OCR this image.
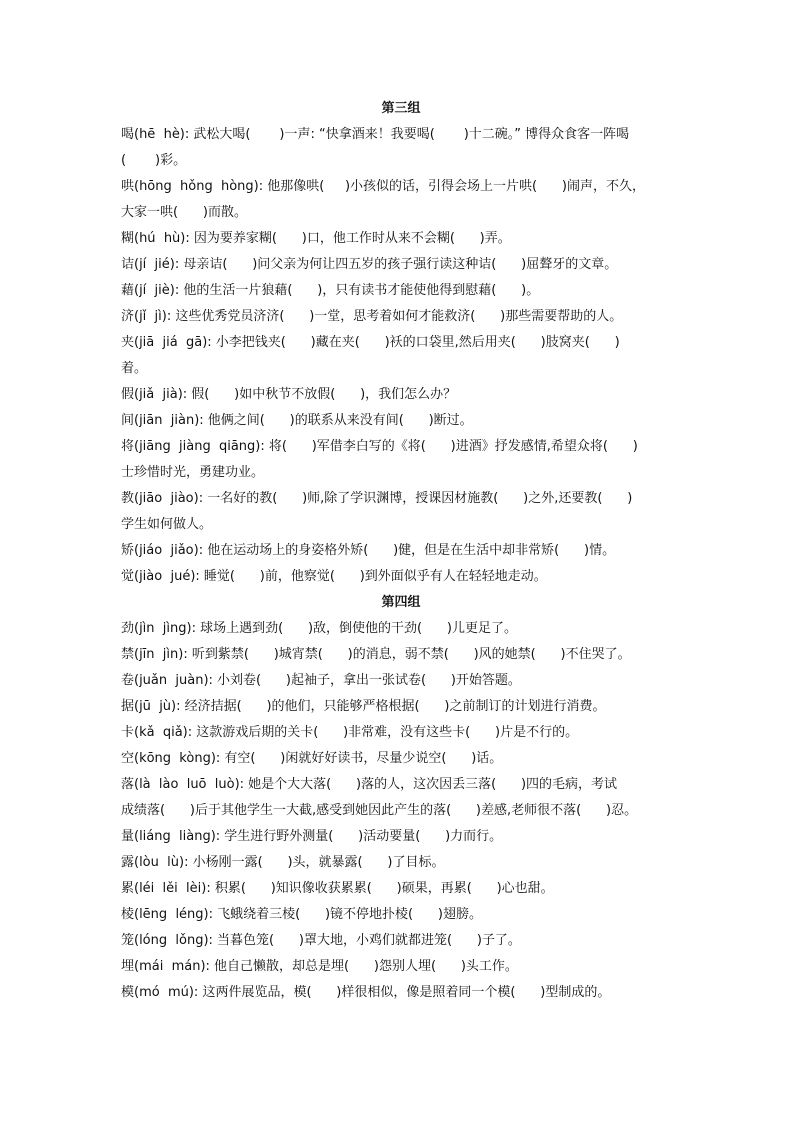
第三组
喝(hē  hè): 武松大喝(       )一声: “快拿酒来！我要喝(       )十二碗。” 博得众食客一阵喝
(       )彩。
哄(hōng  hǒng  hòng): 他那像哄(     )小孩似的话，引得会场上一片哄(      )闹声，不久，
大家一哄(      )而散。
糊(hú  hù): 因为要养家糊(      )口，他工作时从来不会糊(      )弄。
诘(jí  jié): 母亲诘(      )问父亲为何让四五岁的孩子强行读这种诘(      )屈聱牙的文章。
藉(jí  jiè): 他的生活一片狼藉(      )，只有读书才能使他得到慰藉(      )。
济(jǐ  jì): 这些优秀党员济济(      )一堂，思考着如何才能救济(      )那些需要帮助的人。
夹(jiā  jiá  gā): 小李把钱夹(      )藏在夹(      )袄的口袋里,然后用夹(      )肢窝夹(      )
着。
假(jiǎ  jià): 假(      )如中秋节不放假(      )，我们怎么办？
间(jiān  jiàn): 他俩之间(      )的联系从来没有间(      )断过。
将(jiāng  jiàng  qiāng): 将(      )军借李白写的《将(      )进酒》抒发感情,希望众将(      )
士珍惜时光，勇建功业。
教(jiāo  jiào): 一名好的教(      )师,除了学识渊博，授课因材施教(      )之外,还要教(      )
学生如何做人。
矫(jiáo  jiǎo): 他在运动场上的身姿格外矫(      )健，但是在生活中却非常矫(      )情。
觉(jiào  jué): 睡觉(      )前，他察觉(      )到外面似乎有人在轻轻地走动。
第四组
劲(jìn  jìng): 球场上遇到劲(      )敌，倒使他的干劲(      )儿更足了。
禁(jīn  jìn): 听到紫禁(      )城宵禁(      )的消息，弱不禁(      )风的她禁(      )不住哭了。
卷(juǎn  juàn): 小刘卷(      )起袖子，拿出一张试卷(      )开始答题。
据(jū  jù): 经济拮据(      )的他们，只能够严格根据(      )之前制订的计划进行消费。
卡(kǎ  qiǎ): 这款游戏后期的关卡(      )非常难，没有这些卡(      )片是不行的。
空(kōng  kòng): 有空(      )闲就好好读书，尽量少说空(      )话。
落(là  lào  luō  luò): 她是个大大落(      )落的人，这次因丢三落(      )四的毛病，考试
成绩落(      )后于其他学生一大截,感受到她因此产生的落(      )差感,老师很不落(      )忍。
量(liáng  liàng): 学生进行野外测量(      )活动要量(      )力而行。
露(lòu  lù): 小杨刚一露(      )头，就暴露(      )了目标。
累(léi  lěi  lèi): 积累(      )知识像收获累累(      )硕果，再累(      )心也甜。
棱(lēng  léng): 飞蛾绕着三棱(      )镜不停地扑棱(      )翅膀。
笼(lóng  lǒng): 当暮色笼(      )罩大地，小鸡们就都进笼(      )子了。
埋(mái  mán): 他自己懒散，却总是埋(      )怨别人埋(      )头工作。
模(mó  mú): 这两件展览品，模(      )样很相似，像是照着同一个模(      )型制成的。
